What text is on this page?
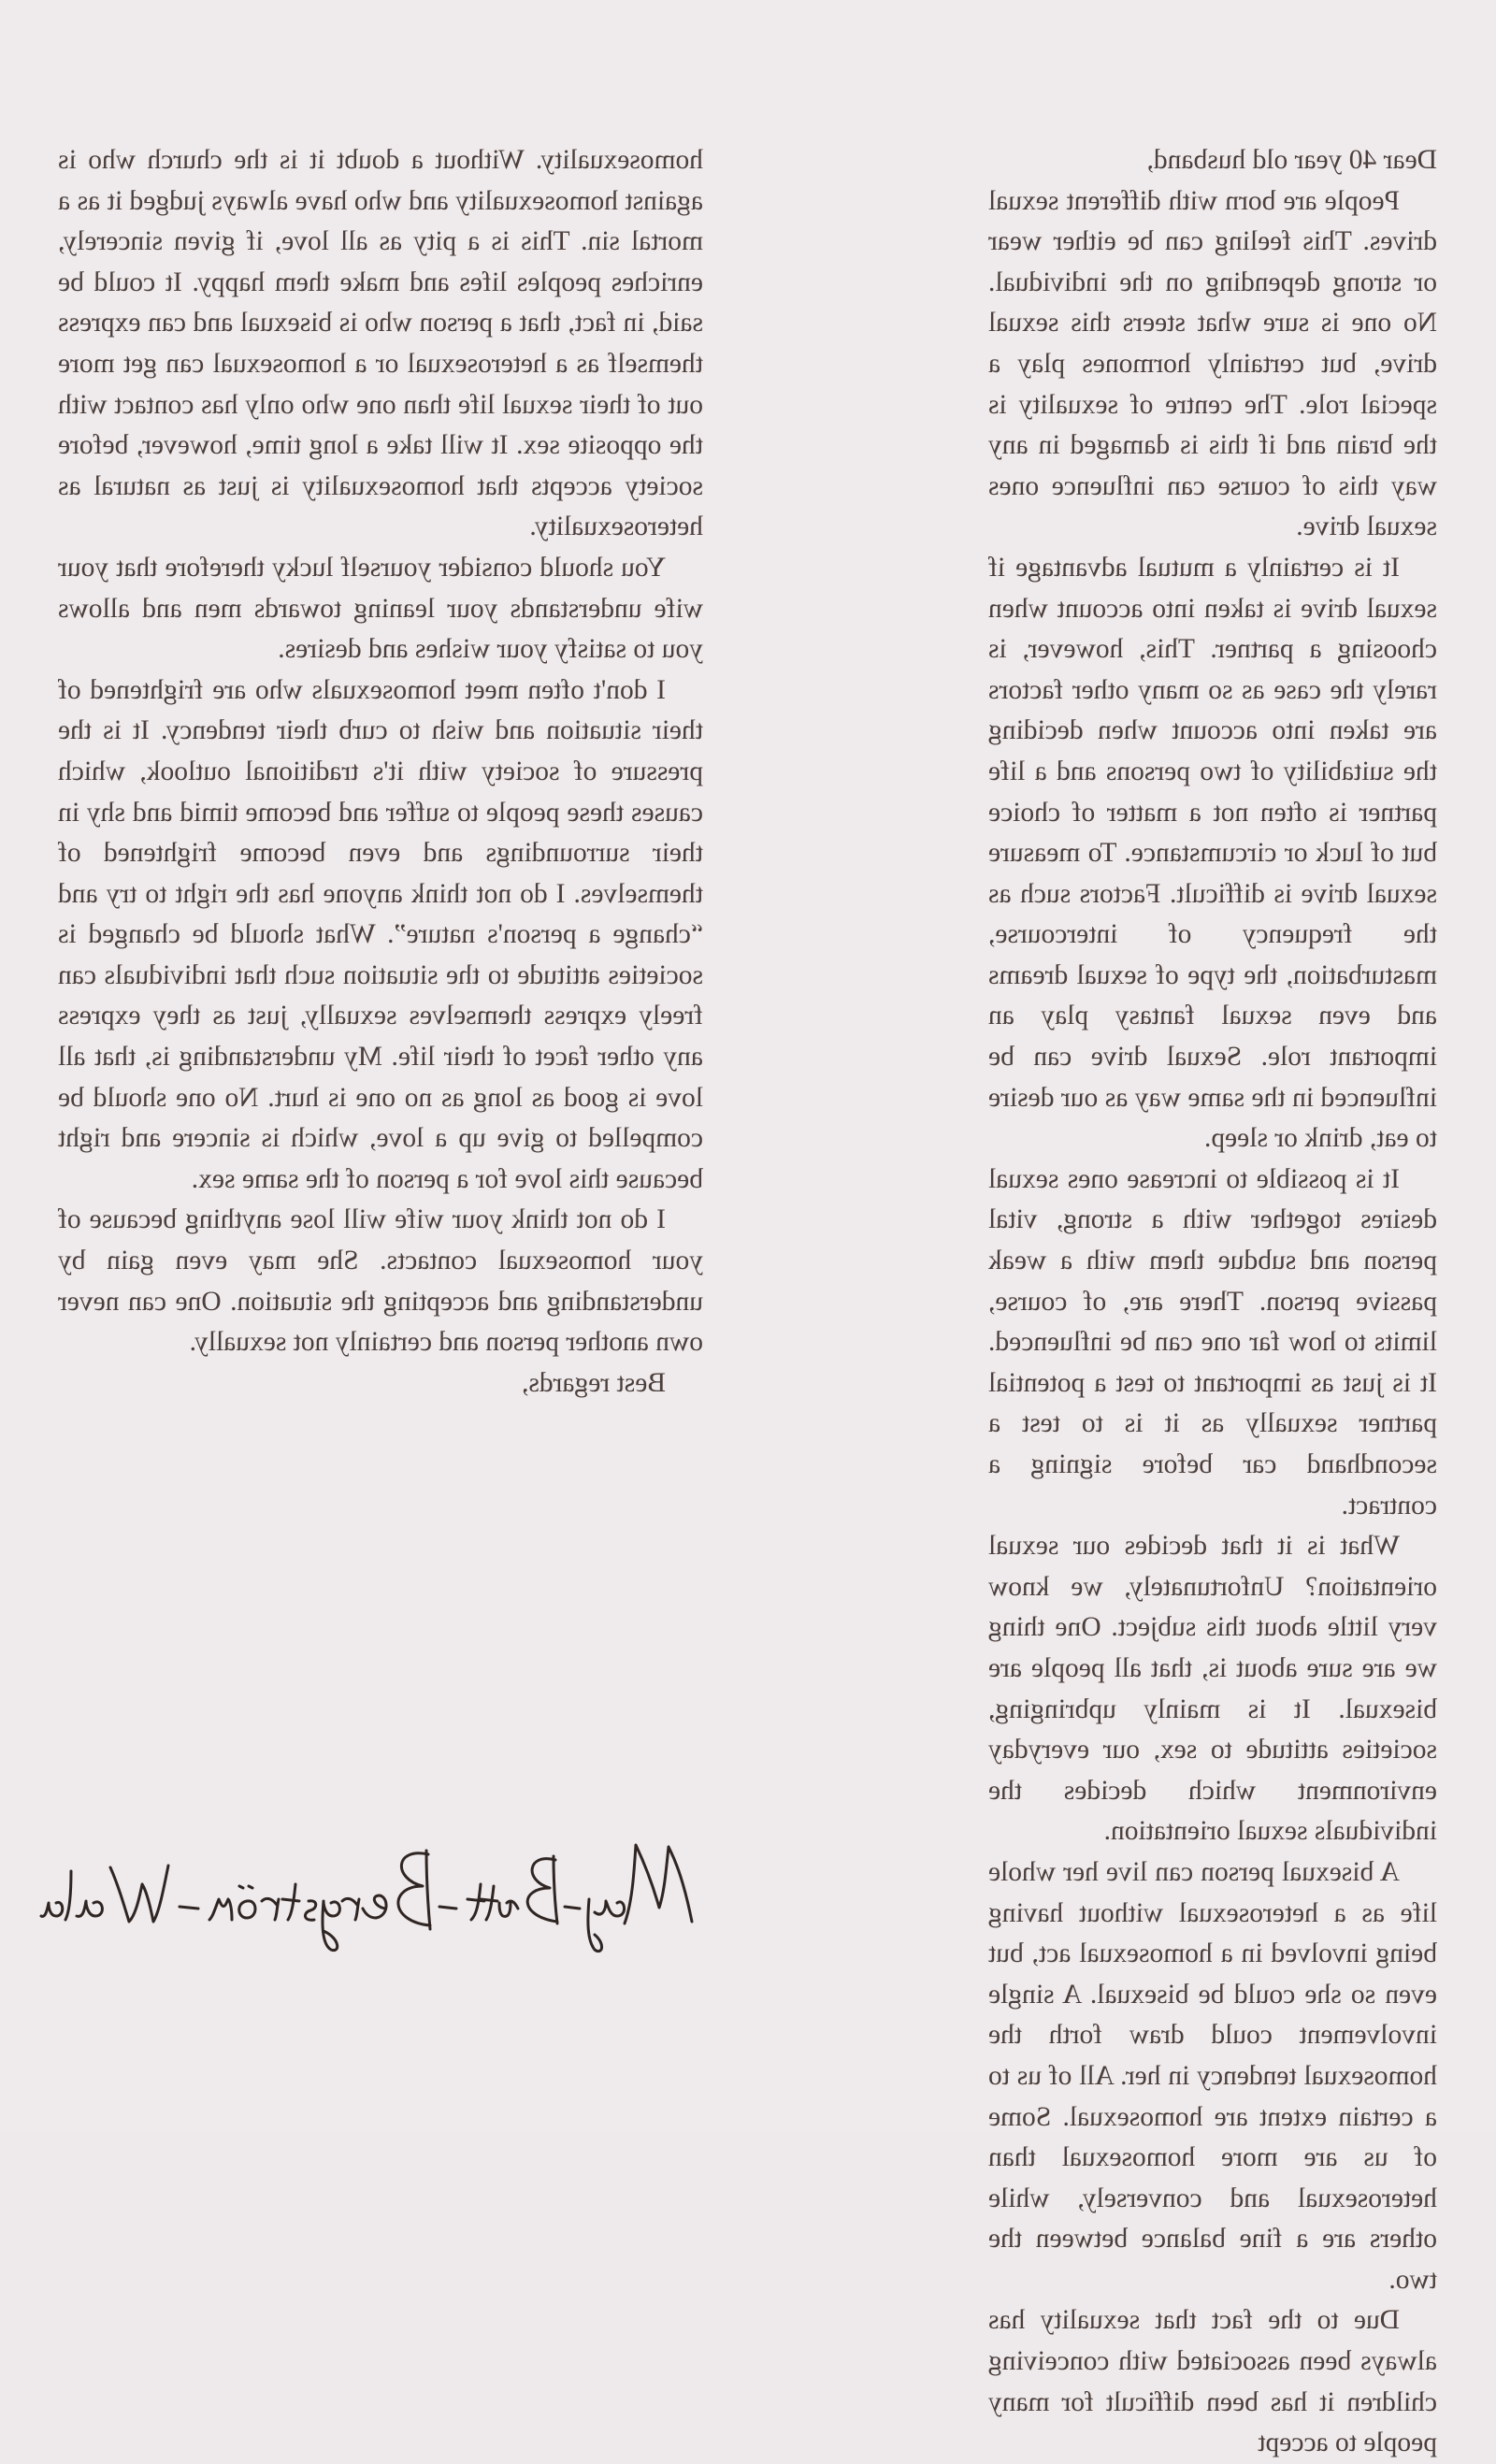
Dear 40 year old husband,

People are born with different sexual drives. This feeling can be either wear or strong depending on the individual. No one is sure what steers this sexual drive, but certainly hormones play a special role. The centre of sexuality is the brain and if this is damaged in any way this of course can influence ones sexual drive.

It is certainly a mutual advantage if sexual drive is taken into account when choosing a partner. This, however, is rarely the case as so many other factors are taken into account when deciding the suitability of two persons and a life partner is often not a matter of choice but of luck or circumstance. To measure sexual drive is difficult. Factors such as the frequency of intercourse, masturbation, the type of sexual dreams and even sexual fantasy play an important role. Sexual drive can be influenced in the same way as our desire to eat, drink or sleep.

It is possible to increase ones sexual desires together with a strong, vital person and subdue them with a weak passive person. There are, of course, limits to how far one can be influenced. It is just as important to test a potential partner sexually as it is to test a secondhand car before signing a contract.

What is it that decides our sexual orientation? Unfortunately, we know very little about this subject. One thing we are sure about is, that all people are bisexual. It is mainly upbringing, societies attitude to sex, our everyday environment which decides the individuals sexual orientation.

A bisexual person can live her whole life as a heterosexual without having being involved in a homosexual act, but even so she could be bisexual. A single involvement could draw forth the homosexual tendency in her. All of us to a certain extent are homosexual. Some of us are more homosexual than heterosexual and conversely, while others are a fine balance between the two.

Due to the fact that sexuality has always been associated with conceiving children it has been difficult for many people to accept

homosexuality. Without a doubt it is the church who is against homosexuality and who have always judged it as a mortal sin. This is a pity as all love, if given sincerely, enriches peoples lifes and make them happy. It could be said, in fact, that a person who is bisexual and can express themself as a heterosexual or a homosexual can get more out of their sexual life than one who only has contact with the opposite sex. It will take a long time, however, before society accepts that homosexuality is just as natural as heterosexuality.

You should consider yourself lucky therefore that your wife understands your leaning towards men and allows you to satisfy your wishes and desires.

I don't often meet homosexuals who are frightened of their situation and wish to curb their tendency. It is the pressure of society with it's traditional outlook, which causes these people to suffer and become timid and shy in their surroundings and even become frightened of themselves. I do not think anyone has the right to try and “change a person's nature”. What should be changed is societies attitude to the situation such that individuals can freely express themselves sexually, just as they express any other facet of their life. My understanding is, that all love is good as long as no one is hurt. No one should be compelled to give up a love, which is sincere and right because this love for a person of the same sex.

I do not think your wife will lose anything because of your homosexual contacts. She may even gain by understanding and accepting the situation. One can never own another person and certainly not sexually.

Best regards,
